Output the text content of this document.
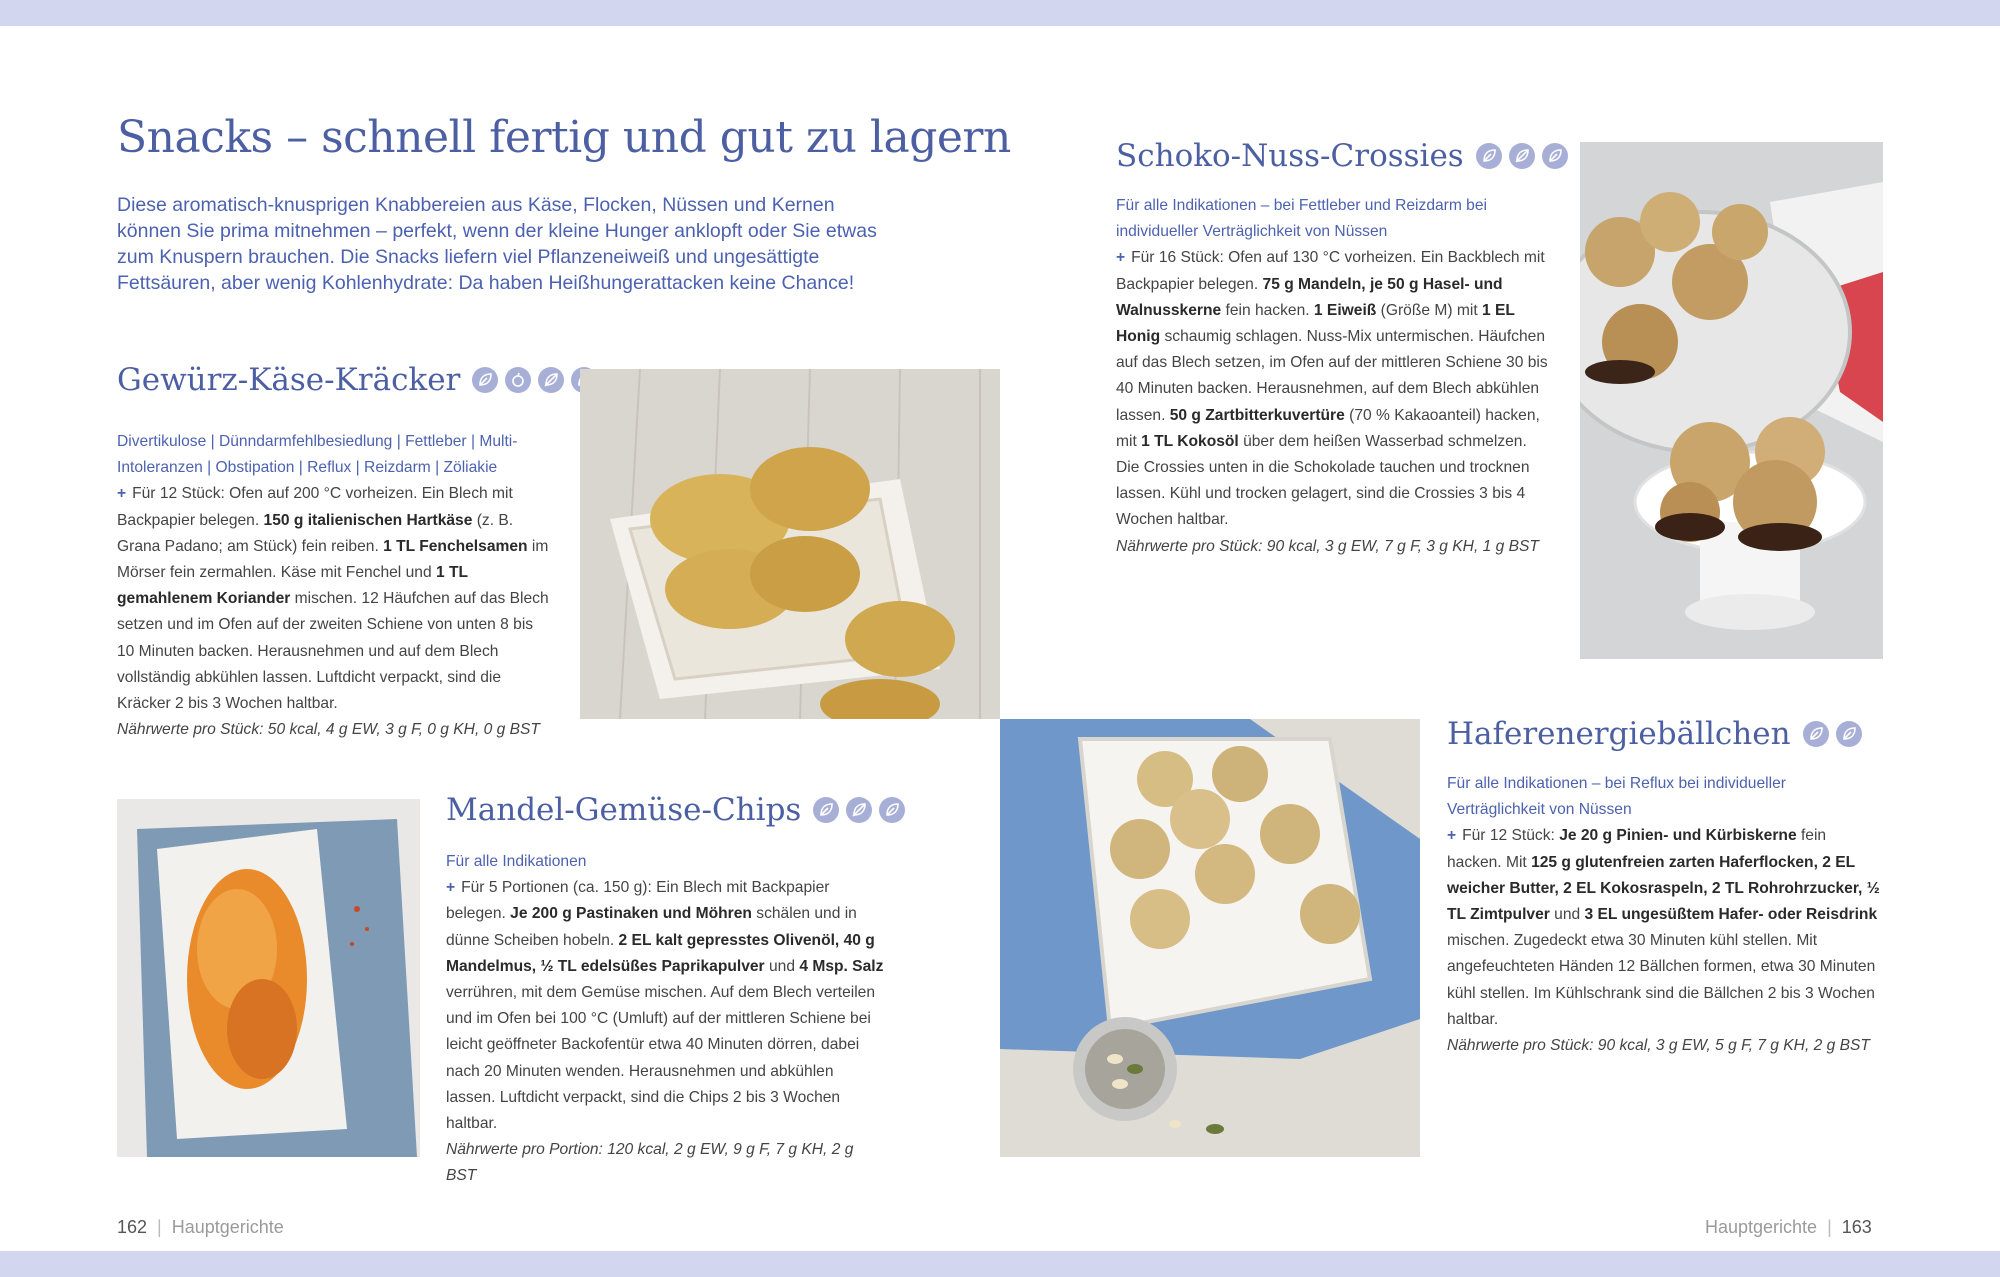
Snacks – schnell fertig und gut zu lagern

Diese aromatisch-knusprigen Knabbereien aus Käse, Flocken, Nüssen und Kernen können Sie prima mitnehmen – perfekt, wenn der kleine Hunger anklopft oder Sie etwas zum Knuspern brauchen. Die Snacks liefern viel Pflanzeneiweiß und ungesättigte Fettsäuren, aber wenig Kohlenhydrate: Da haben Heißhungerattacken keine Chance!

Gewürz-Käse-Kräcker

Divertikulose | Dünndarmfehlbesiedlung | Fettleber | Multi-Intoleranzen | Obstipation | Reflux | Reizdarm | Zöliakie

+ Für 12 Stück: Ofen auf 200 °C vorheizen. Ein Blech mit Backpapier belegen. 150 g italienischen Hartkäse (z. B. Grana Padano; am Stück) fein reiben. 1 TL Fenchelsamen im Mörser fein zermahlen. Käse mit Fenchel und 1 TL gemahlenem Koriander mischen. 12 Häufchen auf das Blech setzen und im Ofen auf der zweiten Schiene von unten 8 bis 10 Minuten backen. Herausnehmen und auf dem Blech vollständig abkühlen lassen. Luftdicht verpackt, sind die Kräcker 2 bis 3 Wochen haltbar.

Nährwerte pro Stück: 50 kcal, 4 g EW, 3 g F, 0 g KH, 0 g BST

Mandel-Gemüse-Chips

Für alle Indikationen

+ Für 5 Portionen (ca. 150 g): Ein Blech mit Backpapier belegen. Je 200 g Pastinaken und Möhren schälen und in dünne Scheiben hobeln. 2 EL kalt gepresstes Olivenöl, 40 g Mandelmus, ½ TL edelsüßes Paprikapulver und 4 Msp. Salz verrühren, mit dem Gemüse mischen. Auf dem Blech verteilen und im Ofen bei 100 °C (Umluft) auf der mittleren Schiene bei leicht geöffneter Backofentür etwa 40 Minuten dörren, dabei nach 20 Minuten wenden. Herausnehmen und abkühlen lassen. Luftdicht verpackt, sind die Chips 2 bis 3 Wochen haltbar.

Nährwerte pro Portion: 120 kcal, 2 g EW, 9 g F, 7 g KH, 2 g BST

162 | Hauptgerichte
Schoko-Nuss-Crossies

Für alle Indikationen – bei Fettleber und Reizdarm bei individueller Verträglichkeit von Nüssen

+ Für 16 Stück: Ofen auf 130 °C vorheizen. Ein Backblech mit Backpapier belegen. 75 g Mandeln, je 50 g Hasel- und Walnusskerne fein hacken. 1 Eiweiß (Größe M) mit 1 EL Honig schaumig schlagen. Nuss-Mix untermischen. Häufchen auf das Blech setzen, im Ofen auf der mittleren Schiene 30 bis 40 Minuten backen. Herausnehmen, auf dem Blech abkühlen lassen. 50 g Zartbitterkuvertüre (70 % Kakaoanteil) hacken, mit 1 TL Kokosöl über dem heißen Wasserbad schmelzen. Die Crossies unten in die Schokolade tauchen und trocknen lassen. Kühl und trocken gelagert, sind die Crossies 3 bis 4 Wochen haltbar.

Nährwerte pro Stück: 90 kcal, 3 g EW, 7 g F, 3 g KH, 1 g BST

Haferenergiebällchen

Für alle Indikationen – bei Reflux bei individueller Verträglichkeit von Nüssen

+ Für 12 Stück: Je 20 g Pinien- und Kürbiskerne fein hacken. Mit 125 g glutenfreien zarten Haferflocken, 2 EL weicher Butter, 2 EL Kokosraspeln, 2 TL Rohrohrzucker, ½ TL Zimtpulver und 3 EL ungesüßtem Hafer- oder Reisdrink mischen. Zugedeckt etwa 30 Minuten kühl stellen. Mit angefeuchteten Händen 12 Bällchen formen, etwa 30 Minuten kühl stellen. Im Kühlschrank sind die Bällchen 2 bis 3 Wochen haltbar.

Nährwerte pro Stück: 90 kcal, 3 g EW, 5 g F, 7 g KH, 2 g BST

Hauptgerichte | 163
